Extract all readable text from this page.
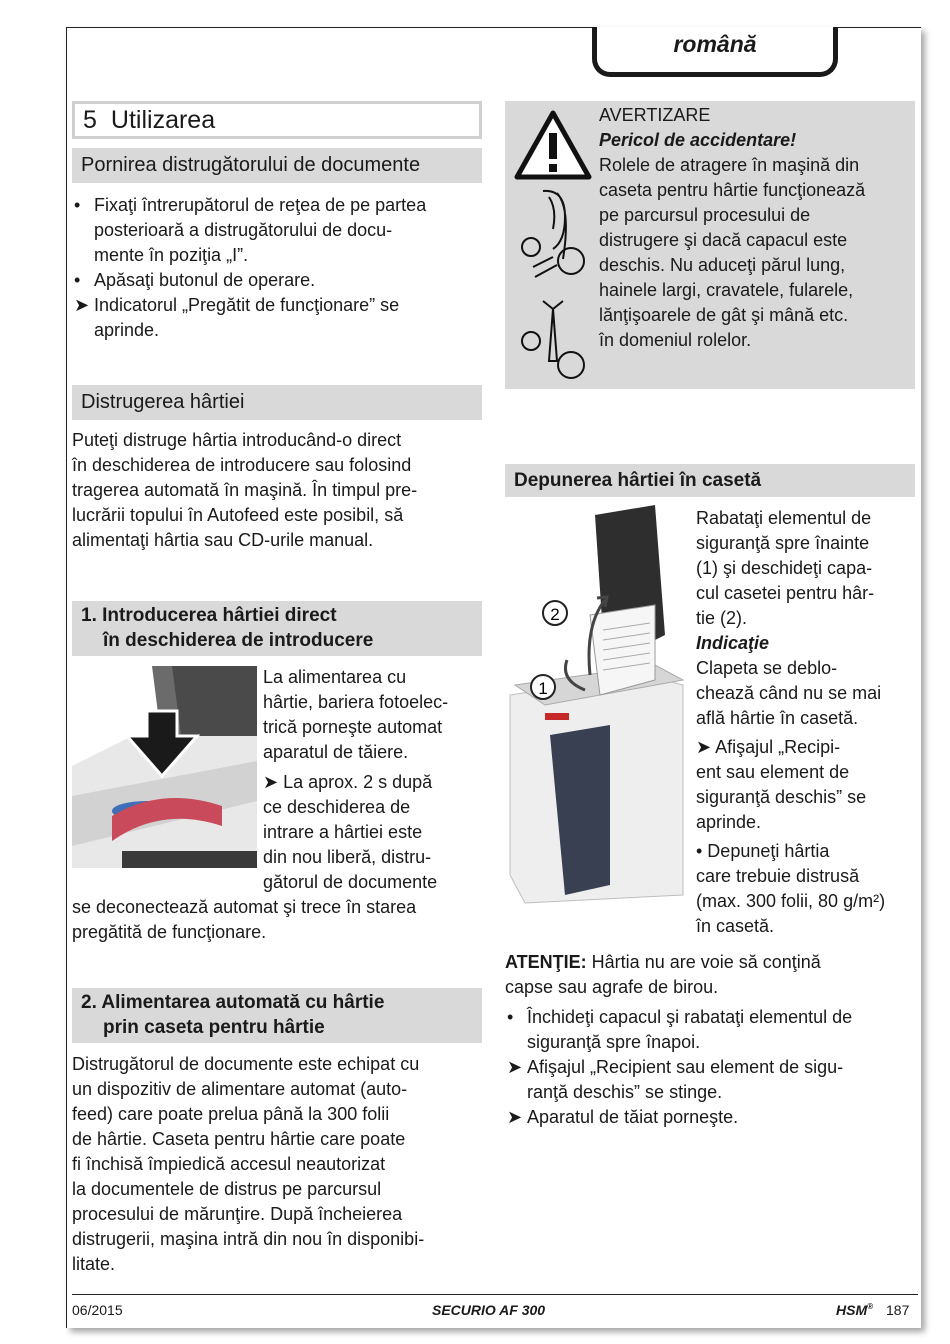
română
5 Utilizarea
Pornirea distrugătorului de documente
• Fixaţi întrerupătorul de reţea de pe partea
posterioară a distrugătorului de docu-
mente în poziţia „I”.
• Apăsaţi butonul de operare.
➤ Indicatorul „Pregătit de funcţionare” se
aprinde.
Distrugerea hârtiei
Puteţi distruge hârtia introducând-o direct
în deschiderea de introducere sau folosind
tragerea automată în maşină. În timpul pre-
lucrării topului în Autofeed este posibil, să
alimentaţi hârtia sau CD-urile manual.
1. Introducerea hârtiei direct
în deschiderea de introducere
La alimentarea cu
hârtie, bariera fotoelec-
trică porneşte automat
aparatul de tăiere.
➤ La aprox. 2 s după
ce deschiderea de
intrare a hârtiei este
din nou liberă, distru-
gătorul de documente
se deconectează automat şi trece în starea
pregătită de funcţionare.
2. Alimentarea automată cu hârtie
prin caseta pentru hârtie
Distrugătorul de documente este echipat cu
un dispozitiv de alimentare automat (auto-
feed) care poate prelua până la 300 folii
de hârtie. Caseta pentru hârtie care poate
fi închisă împiedică accesul neautorizat
la documentele de distrus pe parcursul
procesului de mărunţire. După încheierea
distrugerii, maşina intră din nou în disponibi-
litate.
AVERTIZARE
Pericol de accidentare!
Rolele de atragere în maşină din
caseta pentru hârtie funcţionează
pe parcursul procesului de
distrugere şi dacă capacul este
deschis. Nu aduceţi părul lung,
hainele largi, cravatele, fularele,
lănţişoarele de gât şi mână etc.
în domeniul rolelor.
Depunerea hârtiei în casetă
2
1
Rabataţi elementul de
siguranţă spre înainte
(1) şi deschideţi capa-
cul casetei pentru hâr-
tie (2).
Indicaţie
Clapeta se deblo-
chează când nu se mai
află hârtie în casetă.
➤ Afişajul „Recipi-
ent sau element de
siguranţă deschis” se
aprinde.
• Depuneţi hârtia
care trebuie distrusă
(max. 300 folii, 80 g/m²)
în casetă.
ATENŢIE: Hârtia nu are voie să conţină
capse sau agrafe de birou.
• Închideţi capacul şi rabataţi elementul de
siguranţă spre înapoi.
➤ Afişajul „Recipient sau element de sigu-
ranţă deschis” se stinge.
➤ Aparatul de tăiat porneşte.
06/2015	SECURIO AF 300	HSM® 187
